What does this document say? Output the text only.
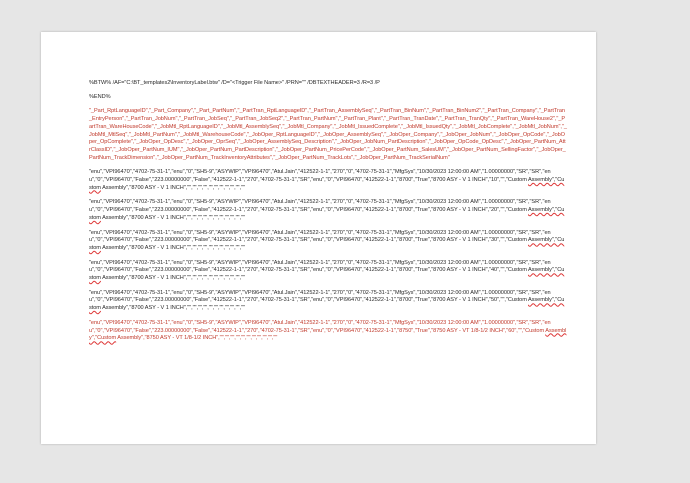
%BTW% /AF="C:\BT_templates2\InventoryLabel.btw" /D="<Trigger File Name>" /PRN="" /DBTEXTHEADER=3 /R=3 /P
%END%
"_Part_RptLanguageID","_Part_Company","_Part_PartNum","_PartTran_RptLanguageID","_PartTran_AssemblySeq","_PartTran_BinNum","_PartTran_BinNum2","_PartTran_Company","_PartTran_EntryPerson","_PartTran_JobNum","_PartTran_JobSeq","_PartTran_JobSeq2","_PartTran_PartNum","_PartTran_Plant","_PartTran_TranDate","_PartTran_TranQty","_PartTran_WareHouse2","_PartTran_WareHouseCode","_JobMtl_RptLanguageID","_JobMtl_AssemblySeq","_JobMtl_Company","_JobMtl_IssuedComplete","_JobMtl_IssuedQty","_JobMtl_JobComplete","_JobMtl_JobNum","_JobMtl_MtlSeq","_JobMtl_PartNum","_JobMtl_WarehouseCode","_JobOper_RptLanguageID","_JobOper_AssemblySeq","_JobOper_Company","_JobOper_JobNum","_JobOper_OpCode","_JobOper_OpComplete","_JobOper_OpDesc","_JobOper_OprSeq","_JobOper_AssemblySeq_Description","_JobOper_JobNum_PartDescription","_JobOper_OpCode_OpDesc","_JobOper_PartNum_AttrClassID","_JobOper_PartNum_IUM","_JobOper_PartNum_PartDescription","_JobOper_PartNum_PricePerCode","_JobOper_PartNum_SalesUM","_JobOper_PartNum_SellingFactor","_JobOper_PartNum_TrackDimension","_JobOper_PartNum_TrackInventoryAttributes","_JobOper_PartNum_TrackLots","_JobOper_PartNum_TrackSerialNum"
"enu","VPI96470","4702-75-31-1","enu","0","SH5-9","ASYWIP","VPI96470","Atul.Jain","412522-1-1","270","0","4702-75-31-1","MfgSys","10/30/2023 12:00:00 AM","1.00000000","SR","SR","enu","0","VPI96470","False","223.00000000","False","412522-1-1","270","4702-75-31-1","SR","enu","0","VPI96470","412522-1-1","8700","True","8700 ASY - V 1 INCH","10","","Custom Assembly","Custom Assembly","8700 ASY - V 1 INCH","","","","","","","","","","",""
"enu","VPI96470","4702-75-31-1","enu","0","SH5-9","ASYWIP","VPI96470","Atul.Jain","412522-1-1","270","0","4702-75-31-1","MfgSys","10/30/2023 12:00:00 AM","1.00000000","SR","SR","enu","0","VPI96470","False","223.00000000","False","412522-1-1","270","4702-75-31-1","SR","enu","0","VPI96470","412522-1-1","8700","True","8700 ASY - V 1 INCH","20","","Custom Assembly","Custom Assembly","8700 ASY - V 1 INCH","","","","","","","","","","",""
"enu","VPI96470","4702-75-31-1","enu","0","SH5-9","ASYWIP","VPI96470","Atul.Jain","412522-1-1","270","0","4702-75-31-1","MfgSys","10/30/2023 12:00:00 AM","1.00000000","SR","SR","enu","0","VPI96470","False","223.00000000","False","412522-1-1","270","4702-75-31-1","SR","enu","0","VPI96470","412522-1-1","8700","True","8700 ASY - V 1 INCH","30","","Custom Assembly","Custom Assembly","8700 ASY - V 1 INCH","","","","","","","","","","",""
"enu","VPI96470","4702-75-31-1","enu","0","SH5-9","ASYWIP","VPI96470","Atul.Jain","412522-1-1","270","0","4702-75-31-1","MfgSys","10/30/2023 12:00:00 AM","1.00000000","SR","SR","enu","0","VPI96470","False","223.00000000","False","412522-1-1","270","4702-75-31-1","SR","enu","0","VPI96470","412522-1-1","8700","True","8700 ASY - V 1 INCH","40","","Custom Assembly","Custom Assembly","8700 ASY - V 1 INCH","","","","","","","","","","",""
"enu","VPI96470","4702-75-31-1","enu","0","SH5-9","ASYWIP","VPI96470","Atul.Jain","412522-1-1","270","0","4702-75-31-1","MfgSys","10/30/2023 12:00:00 AM","1.00000000","SR","SR","enu","0","VPI96470","False","223.00000000","False","412522-1-1","270","4702-75-31-1","SR","enu","0","VPI96470","412522-1-1","8700","True","8700 ASY - V 1 INCH","50","","Custom Assembly","Custom Assembly","8700 ASY - V 1 INCH","","","","","","","","","","",""
"enu","VPI96470","4702-75-31-1","enu","0","SH5-9","ASYWIP","VPI96470","Atul.Jain","412522-1-1","270","0","4702-75-31-1","MfgSys","10/30/2023 12:00:00 AM","1.00000000","SR","SR","enu","0","VPI96470","False","223.00000000","False","412522-1-1","270","4702-75-31-1","SR","enu","0","VPI96470","412522-1-1","8750","True","8750 ASY - VT 1/8-1/2 INCH","60","","Custom Assembly","Custom Assembly","8750 ASY - VT 1/8-1/2 INCH","","","","","","","","","","",""
